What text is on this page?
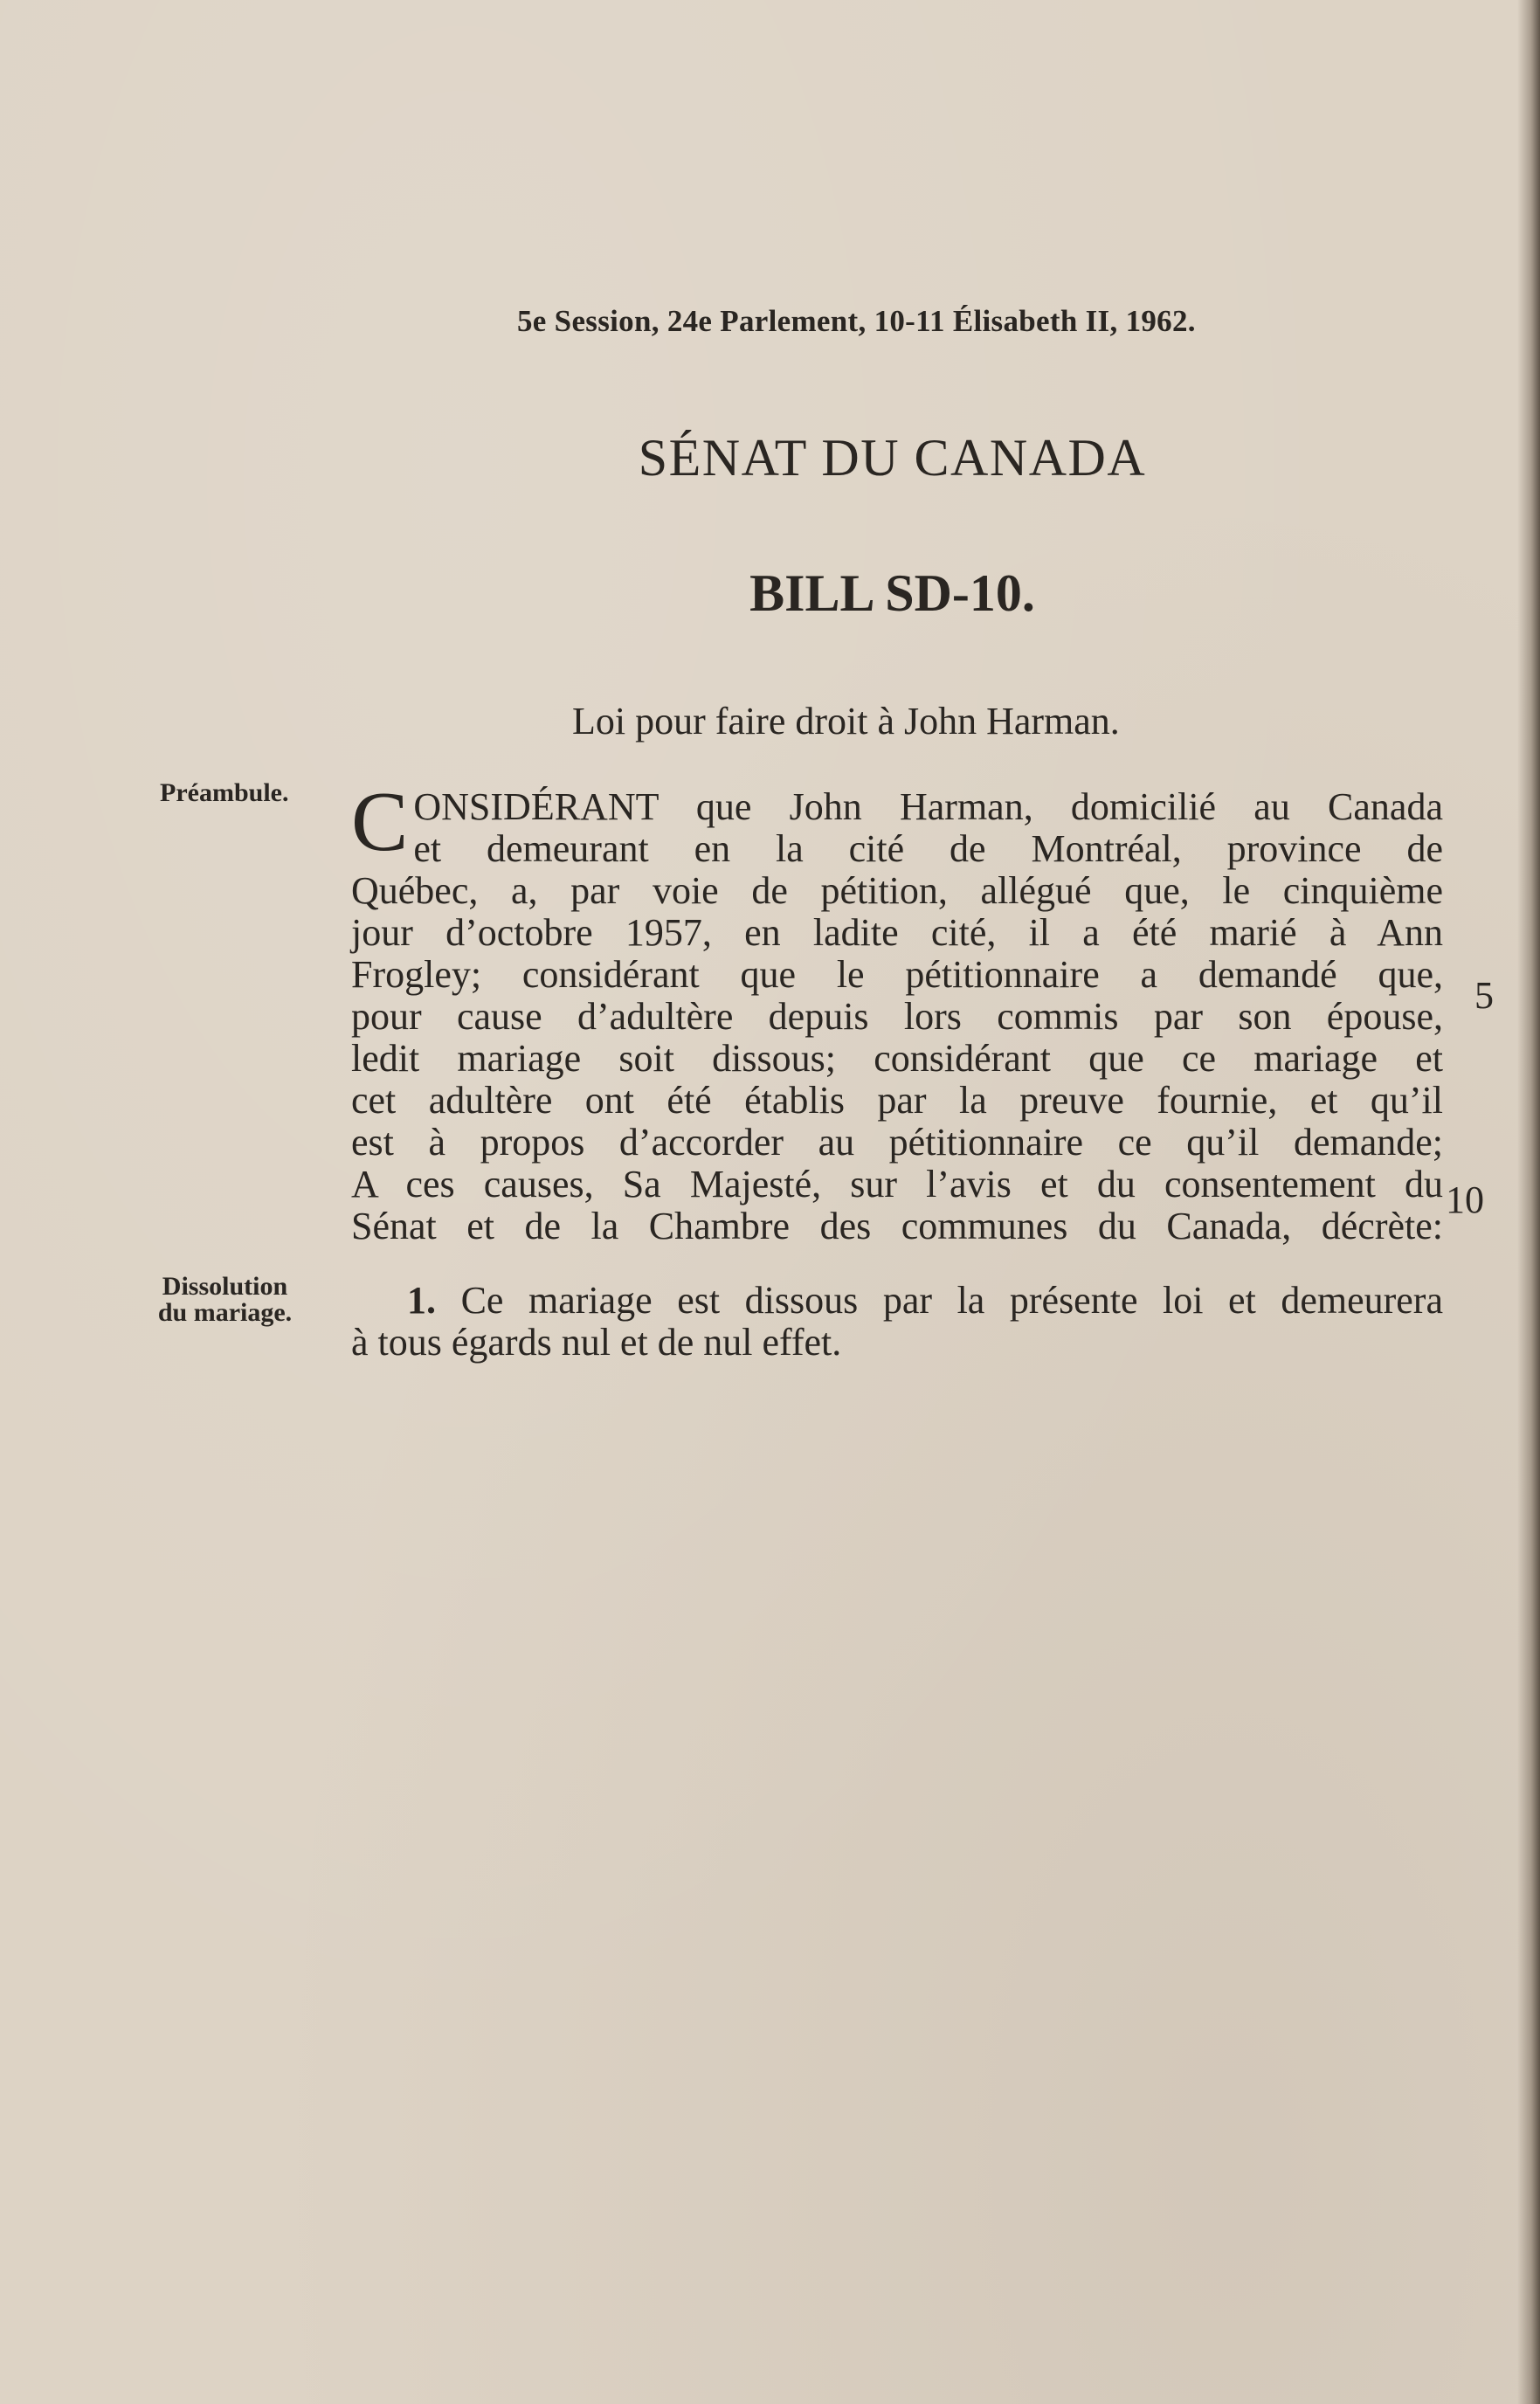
5e Session, 24e Parlement, 10-11 Élisabeth II, 1962.
SÉNAT DU CANADA
BILL SD-10.
Loi pour faire droit à John Harman.
Préambule.
Dissolution
du mariage.
C ONSIDÉRANT que John Harman, domicilié au Canada
et demeurant en la cité de Montréal, province de
Québec, a, par voie de pétition, allégué que, le cinquième
jour d’octobre 1957, en ladite cité, il a été marié à Ann
Frogley; considérant que le pétitionnaire a demandé que,
pour cause d’adultère depuis lors commis par son épouse,
ledit mariage soit dissous; considérant que ce mariage et
cet adultère ont été établis par la preuve fournie, et qu’il
est à propos d’accorder au pétitionnaire ce qu’il demande;
A ces causes, Sa Majesté, sur l’avis et du consentement du
Sénat et de la Chambre des communes du Canada, décrète:
5
10
1. Ce mariage est dissous par la présente loi et demeurera
à tous égards nul et de nul effet.
